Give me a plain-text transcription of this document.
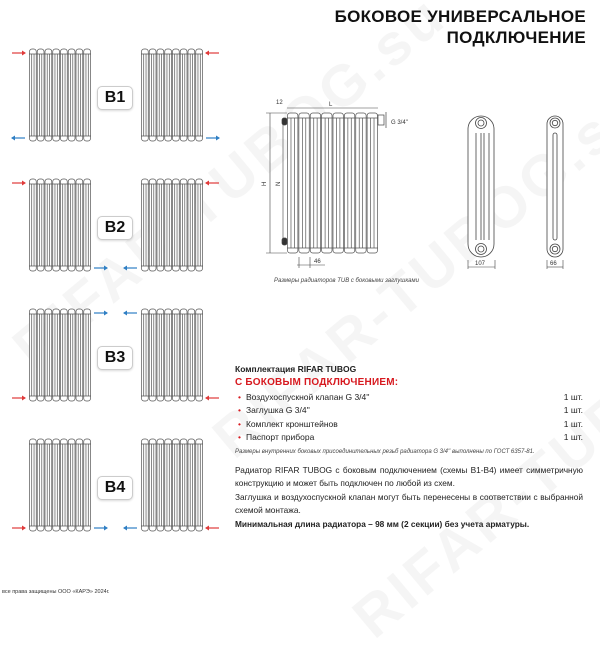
БОКОВОЕ УНИВЕРСАЛЬНОЕ
ПОДКЛЮЧЕНИЕ
B1
B2
B3
B4
12	L
H N
46
G 3/4''
107	66
Размеры радиаторов TUB с боковыми заглушками
Комплектация RIFAR TUBOG
С БОКОВЫМ ПОДКЛЮЧЕНИЕМ:
• Воздухоспускной клапан G 3/4''	1 шт.
• Заглушка G 3/4''	1 шт.
• Комплект кронштейнов	1 шт.
• Паспорт прибора	1 шт.
Размеры внутренних боковых присоединительных резьб радиатора G 3/4'' выполнены по ГОСТ 6357-81.
Радиатор RIFAR TUBOG с боковым подключением (схемы B1-B4) имеет симметричную конструкцию и может быть подключен по любой из схем.
Заглушка и воздухоспускной клапан могут быть перенесены в соответствии с выбранной схемой монтажа.
Минимальная длина радиатора – 98 мм (2 секции) без учета арматуры.
все права защищены ООО «КАРЭ» 2024г.
